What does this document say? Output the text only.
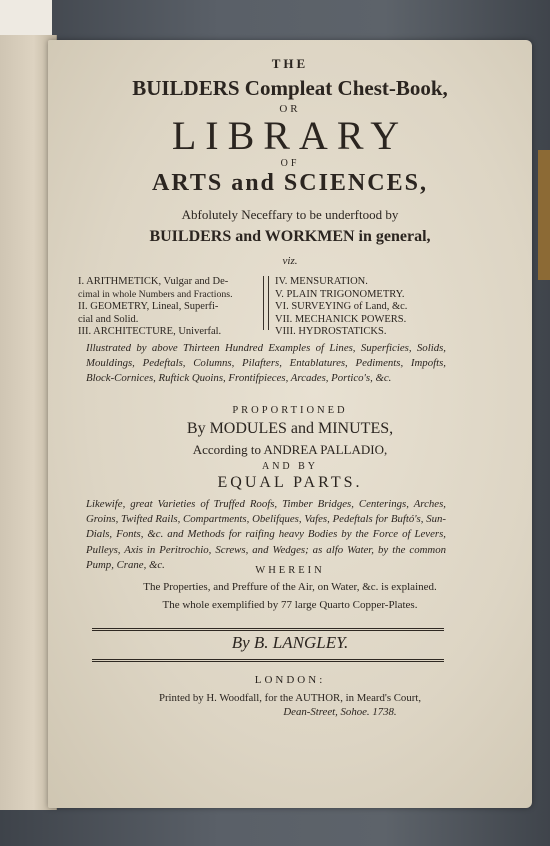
THE
BUILDERS Compleat Chest-Book,
OR
LIBRARY
OF
ARTS and SCIENCES,
Abfolutely Neceffary to be underftood by
BUILDERS and WORKMEN in general,
viz.
I. ARITHMETICK, Vulgar and De-
cimal in whole Numbers and Fractions.
II. GEOMETRY, Lineal, Superfi-
cial and Solid.
III. ARCHITECTURE, Univerfal.
IV. MENSURATION.
V. PLAIN TRIGONOMETRY.
VI. SURVEYING of Land, &c.
VII. MECHANICK POWERS.
VIII. HYDROSTATICKS.
Illustrated by above Thirteen Hundred Examples of Lines, Superficies, Solids, Mouldings, Pedeftals, Columns, Pilafters, Entablatures, Pediments, Impofts, Block-Cornices, Ruftick Quoins, Frontifpieces, Arcades, Portico's, &c.
PROPORTIONED
By MODULES and MINUTES,
According to ANDREA PALLADIO,
AND BY
EQUAL PARTS.
Likewife, great Varieties of Truffed Roofs, Timber Bridges, Centerings, Arches, Groins, Twifted Rails, Compartments, Obelifques, Vafes, Pedeftals for Buftó's, Sun-Dials, Fonts, &c. and Methods for raifing heavy Bodies by the Force of Levers, Pulleys, Axis in Peritrochio, Screws, and Wedges; as alfo Water, by the common Pump, Crane, &c.	WHEREIN
The Properties, and Preffure of the Air, on Water, &c. is explained.
The whole exemplified by 77 large Quarto Copper-Plates.
By B. LANGLEY.
LONDON:
Printed by H. Woodfall, for the AUTHOR, in Meard's Court,
Dean-Street, Sohoe. 1738.
